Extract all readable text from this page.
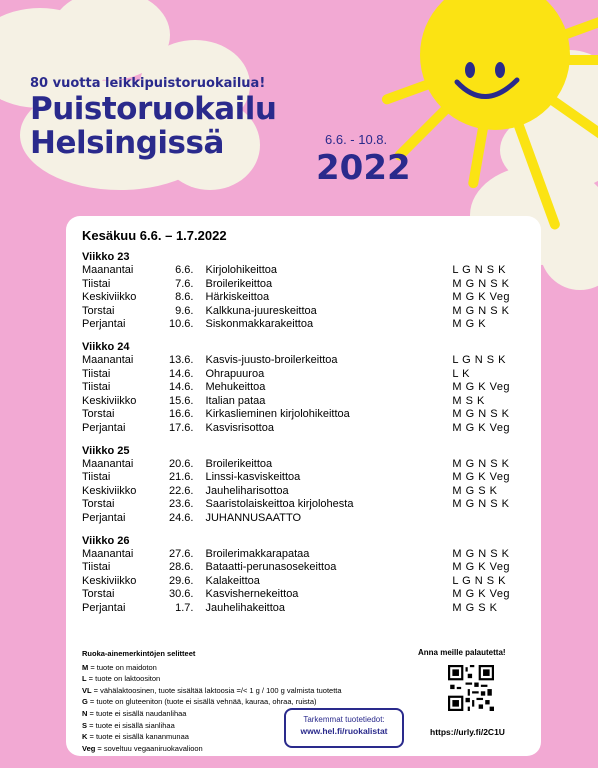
80 vuotta leikkipuistoruokailua!
Puistoruokailu
Helsingissä	6.6. - 10.8.
2022
Kesäkuu 6.6. – 1.7.2022
Viikko 23
Maanantai	6.6.	Kirjolohikeittoa	L G N S K
Tiistai	7.6.	Broilerikeittoa	M G N S K
Keskiviikko	8.6.	Härkiskeittoa	M G K Veg
Torstai	9.6.	Kalkkuna-juureskeittoa	M G N S K
Perjantai	10.6.	Siskonmakkarakeittoa	M G K
Viikko 24
Maanantai	13.6.	Kasvis-juusto-broilerkeittoa	L G N S K
Tiistai	14.6.	Ohrapuuroa	L K
Tiistai	14.6.	Mehukeittoa	M G K Veg
Keskiviikko	15.6.	Italian pataa	M S K
Torstai	16.6.	Kirkaslieminen kirjolohikeittoa	M G N S K
Perjantai	17.6.	Kasvisrisottoa	M G K Veg
Viikko 25
Maanantai	20.6.	Broilerikeittoa	M G N S K
Tiistai	21.6.	Linssi-kasviskeittoa	M G K Veg
Keskiviikko	22.6.	Jauheliharisottoa	M G S K
Torstai	23.6.	Saaristolaiskeittoa kirjolohesta	M G N S K
Perjantai	24.6.	JUHANNUSAATTO
Viikko 26
Maanantai	27.6.	Broilerimakkarapataa	M G N S K
Tiistai	28.6.	Bataatti-perunasosekeittoa	M G K Veg
Keskiviikko	29.6.	Kalakeittoa	L G N S K
Torstai	30.6.	Kasvishernekeittoa	M G K Veg
Perjantai	1.7.	Jauhelihakeittoa	M G S K
Ruoka-ainemerkintöjen selitteet
M = tuote on maidoton
L = tuote on laktoositon
VL = vähälaktoosinen, tuote sisältää laktoosia =/< 1 g / 100 g valmista tuotetta
G = tuote on gluteeniton (tuote ei sisällä vehnää, kauraa, ohraa, ruista)
N = tuote ei sisällä naudanlihaa
S = tuote ei sisällä sianlihaa
K = tuote ei sisällä kananmunaa
Veg = soveltuu vegaaniruokavalioon
Tarkemmat tuotetiedot:
www.hel.fi/ruokalistat
Anna meille palautetta!
https://urly.fi/2C1U
